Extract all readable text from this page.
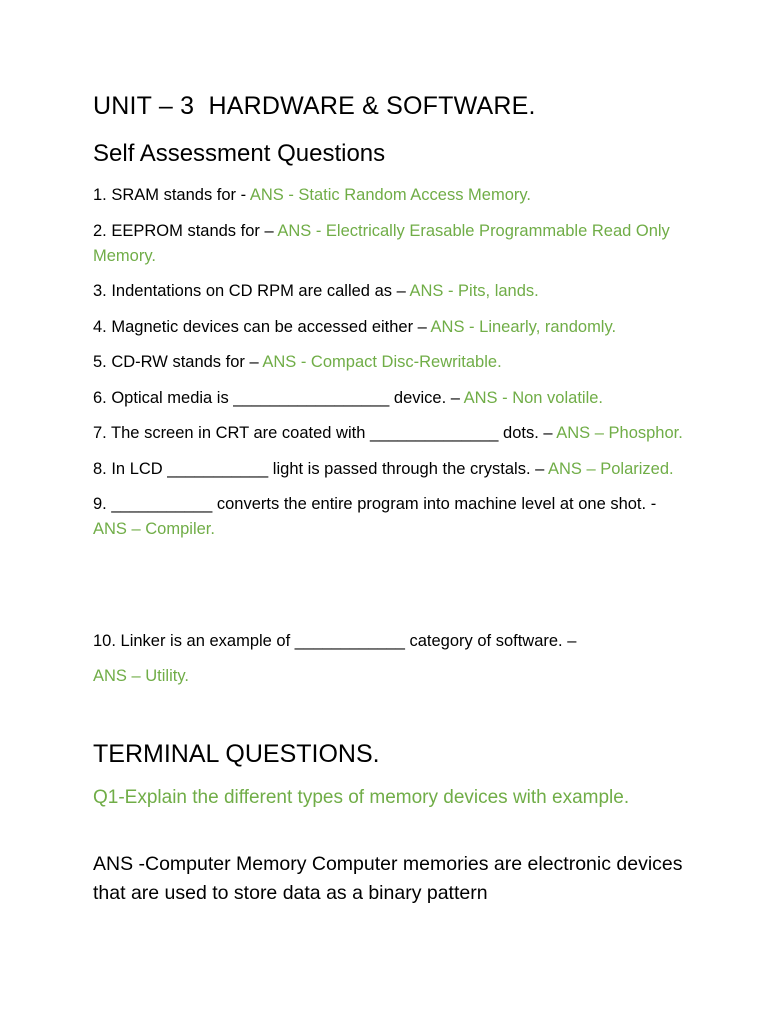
UNIT – 3  HARDWARE & SOFTWARE.
Self Assessment Questions
1. SRAM stands for - ANS - Static Random Access Memory.
2. EEPROM stands for – ANS - Electrically Erasable Programmable Read Only Memory.
3. Indentations on CD RPM are called as – ANS - Pits, lands.
4. Magnetic devices can be accessed either – ANS - Linearly, randomly.
5. CD-RW stands for – ANS - Compact Disc-Rewritable.
6. Optical media is _________________ device. – ANS - Non volatile.
7. The screen in CRT are coated with ______________ dots. – ANS – Phosphor.
8. In LCD ___________ light is passed through the crystals. – ANS – Polarized.
9. ___________ converts the entire program into machine level at one shot. - ANS – Compiler.
10. Linker is an example of ____________ category of software. –
ANS – Utility.
TERMINAL QUESTIONS.
Q1-Explain the different types of memory devices with example.
ANS -Computer Memory Computer memories are electronic devices that are used to store data as a binary pattern
